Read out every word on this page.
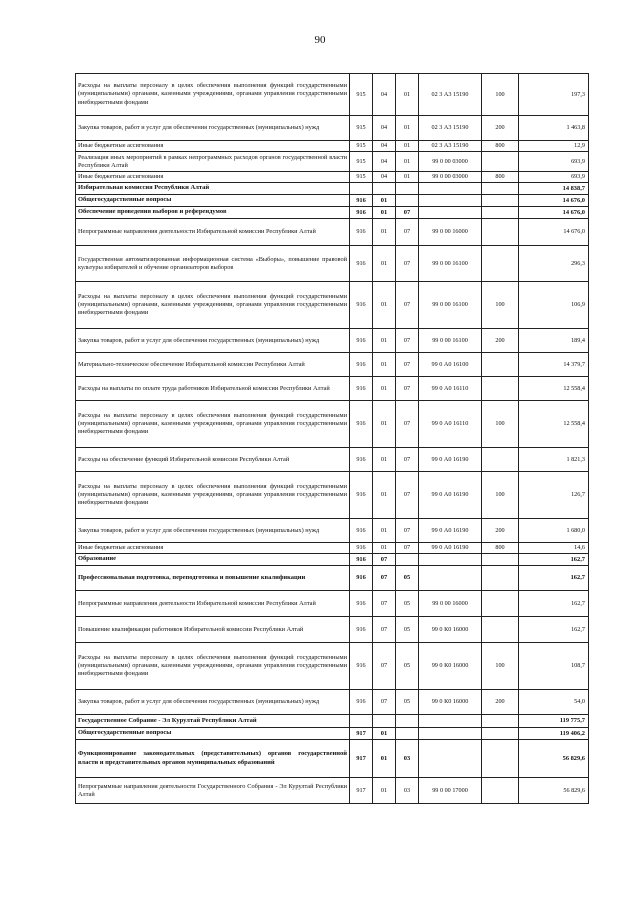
90
Расходы на выплаты персоналу в целях обеспечения выполнения функций государственными (муниципальными) органами, казенными учреждениями, органами управления государственными внебюджетными фондами	915	04	01	02 3 А3 15190	100	197,3
Закупка товаров, работ и услуг для обеспечения государственных (муниципальных) нужд	915	04	01	02 3 А3 15190	200	1 463,8
Иные бюджетные ассигнования	915	04	01	02 3 А3 15190	800	12,9
Реализация иных мероприятий в рамках непрограммных расходов органов государственной власти Республики Алтай	915	04	01	99 0 00 03000		693,9
Иные бюджетные ассигнования	915	04	01	99 0 00 03000	800	693,9
Избирательная комиссия Республики Алтай						14 838,7
Общегосударственные вопросы	916	01				14 676,0
Обеспечение проведения выборов и референдумов	916	01	07			14 676,0
Непрограммные направления деятельности Избирательной комиссии Республики Алтай	916	01	07	99 0 00 16000		14 676,0
Государственная автоматизированная информационная система «Выборы», повышение правовой культуры избирателей и обучение организаторов выборов	916	01	07	99 0 00 16100		296,3
Расходы на выплаты персоналу в целях обеспечения выполнения функций государственными (муниципальными) органами, казенными учреждениями, органами управления государственными внебюджетными фондами	916	01	07	99 0 00 16100	100	106,9
Закупка товаров, работ и услуг для обеспечения государственных (муниципальных) нужд	916	01	07	99 0 00 16100	200	189,4
Материально-техническое обеспечение Избирательной комиссии Республики Алтай	916	01	07	99 0 А0 16100		14 379,7
Расходы на выплаты по оплате труда работников Избирательной комиссии Республики Алтай	916	01	07	99 0 А0 16110		12 558,4
Расходы на выплаты персоналу в целях обеспечения выполнения функций государственными (муниципальными) органами, казенными учреждениями, органами управления государственными внебюджетными фондами	916	01	07	99 0 А0 16110	100	12 558,4
Расходы на обеспечение функций Избирательной комиссии Республики Алтай	916	01	07	99 0 А0 16190		1 821,3
Расходы на выплаты персоналу в целях обеспечения выполнения функций государственными (муниципальными) органами, казенными учреждениями, органами управления государственными внебюджетными фондами	916	01	07	99 0 А0 16190	100	126,7
Закупка товаров, работ и услуг для обеспечения государственных (муниципальных) нужд	916	01	07	99 0 А0 16190	200	1 680,0
Иные бюджетные ассигнования	916	01	07	99 0 А0 16190	800	14,6
Образование	916	07				162,7
Профессиональная подготовка, переподготовка и повышение квалификации	916	07	05			162,7
Непрограммные направления деятельности Избирательной комиссии Республики Алтай	916	07	05	99 0 00 16000		162,7
Повышение квалификации работников Избирательной комиссии Республики Алтай	916	07	05	99 0 К0 16000		162,7
Расходы на выплаты персоналу в целях обеспечения выполнения функций государственными (муниципальными) органами, казенными учреждениями, органами управления государственными внебюджетными фондами	916	07	05	99 0 К0 16000	100	108,7
Закупка товаров, работ и услуг для обеспечения государственных (муниципальных) нужд	916	07	05	99 0 К0 16000	200	54,0
Государственное Собрание - Эл Курултай Республики Алтай						119 775,7
Общегосударственные вопросы	917	01				119 406,2
Функционирование законодательных (представительных) органов государственной власти и представительных органов муниципальных образований	917	01	03			56 829,6
Непрограммные направления деятельности Государственного Собрания - Эл Курултай Республики Алтай	917	01	03	99 0 00 17000		56 829,6
